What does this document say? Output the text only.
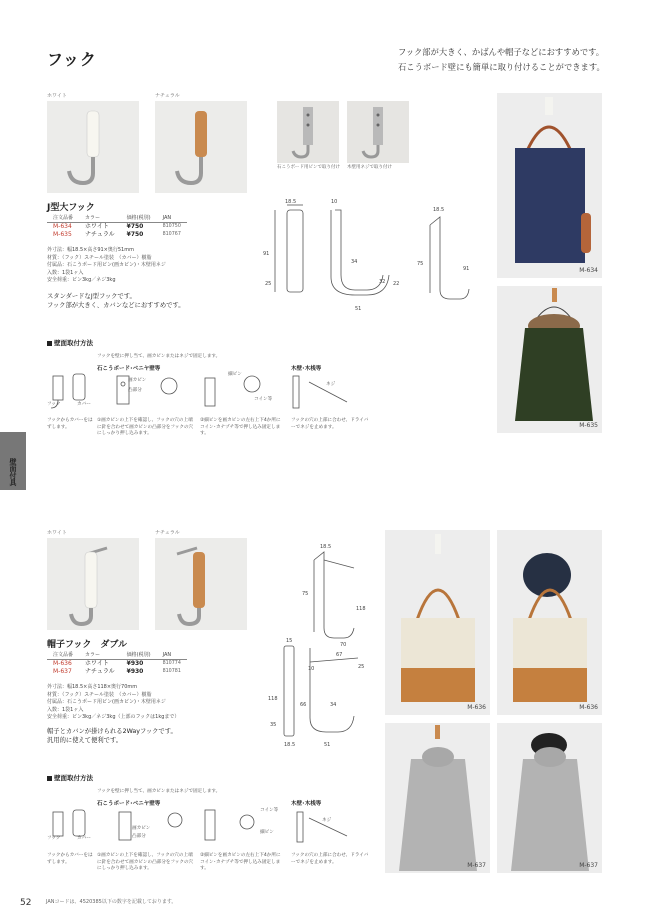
フック	フック部が大きく、かばんや帽子などにおすすめです。
石こうボード壁にも簡単に取り付けることができます。
壁面付具
ホワイト	ナチュラル
石こうボード用ピンで取り付け	木壁用ネジで取り付け
J型大フック
注文品番	カラー	価格(税別)	JAN
M-634	ホワイト	¥750	810750
M-635	ナチュラル	¥750	810767
外寸法：幅18.5×高さ91×奥行51mm
材質：（フック）スチール塗装　（カバー）樹脂
付属品：石こうボード用ピン(画カピン)・木壁用ネジ
入数：1袋1ヶ入
安全荷重：ピン3kg／ネジ3kg
スタンダードなJ型フックです。
フック部が大きく、カバンなどにおすすめです。
18.5
91
25
10
34
51
32 22
18.5
75
91	M-634
M-635
壁面取付方法
フックを壁に押し当て、画カピンまたはネジで固定します。
石こうボード･ベニヤ壁等	木壁･木桟等
フック	カバー
画カピン
凸部分
細ピン
コイン等
ネジ
フックからカバーをはずします。
①画カピンの上下を確認し、フックの穴の上端に針を合わせて画カピンの凸部分をフックの穴にしっかり押し込みます。
②細ピンを画カピンの左右上下4か所にコイン･カナヅチ等で押し込み固定します。
フックの穴の上部に合わせ、ドライバーでネジを止めます。
ホワイト	ナチュラル
帽子フック　ダブル
注文品番	カラー	価格(税別)	JAN
M-636	ホワイト	¥930	810774
M-637	ナチュラル	¥930	810781
外寸法：幅18.5×高さ118×奥行70mm
材質：（フック）スチール塗装　（カバー）樹脂
付属品：石こうボード用ピン(画カピン)・木壁用ネジ
入数：1袋1ヶ入
安全荷重：ピン3kg／ネジ3kg（上部のフックは1kgまで）
帽子とカバンが掛けられる2Wayフックです。
汎用的に使えて便利です。
18.5
75
118
15
118
35
18.5
70
67
10	25
66	34
51
M-636	M-636
M-637	M-637
壁面取付方法
フックを壁に押し当て、画カピンまたはネジで固定します。
石こうボード･ベニヤ壁等	木壁･木桟等
フック	カバー
画カピン
凸部分
コイン等
細ピン
ネジ
フックからカバーをはずします。
①画カピンの上下を確認し、フックの穴の上端に針を合わせて画カピンの凸部分をフックの穴にしっかり押し込みます。
②細ピンを画カピンの左右上下4か所にコイン･カナヅチ等で押し込み固定します。
フックの穴の上部に合わせ、ドライバーでネジを止めます。
52	JANコードは、4520385以下の数字を記載しております。
